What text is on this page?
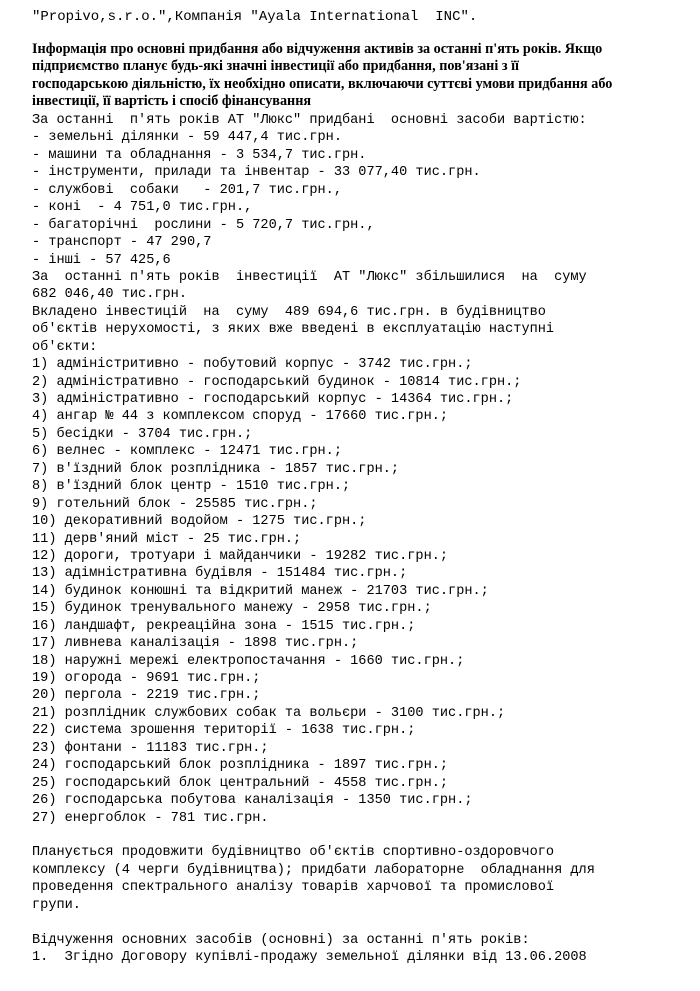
"Propivo,s.r.o.",Компанія "Ayala International  INC".
Інформація про основні придбання або відчуження активів за останні п'ять років. Якщо
підприємство планує будь-які значні інвестиції або придбання, пов'язані з її
господарською діяльністю, їх необхідно описати, включаючи суттєві умови придбання або
інвестиції, її вартість і спосіб фінансування
За останні  п'ять років АТ "Люкс" придбані  основні засоби вартістю:
- земельні ділянки - 59 447,4 тис.грн.
- машини та обладнання - 3 534,7 тис.грн.
- інструменти, прилади та інвентар - 33 077,40 тис.грн.
- службові  собаки   - 201,7 тис.грн.,
- коні  - 4 751,0 тис.грн.,
- багаторічні  рослини - 5 720,7 тис.грн.,
- транспорт - 47 290,7
- інші - 57 425,6
За  останні п'ять років  інвестиції  АТ "Люкс" збільшилися  на  суму
682 046,40 тис.грн.
Вкладено інвестицій  на  суму  489 694,6 тис.грн. в будівництво
об'єктів нерухомості, з яких вже введені в експлуатацію наступні
об'єкти:
1) адміністритивно - побутовий корпус - 3742 тис.грн.;
2) адміністративно - господарський будинок - 10814 тис.грн.;
3) адміністративно - господарський корпус - 14364 тис.грн.;
4) ангар № 44 з комплексом споруд - 17660 тис.грн.;
5) бесідки - 3704 тис.грн.;
6) велнес - комплекс - 12471 тис.грн.;
7) в'їздний блок розплідника - 1857 тис.грн.;
8) в'їздний блок центр - 1510 тис.грн.;
9) готельний блок - 25585 тис.грн.;
10) декоративний водойом - 1275 тис.грн.;
11) дерв'яний міст - 25 тис.грн.;
12) дороги, тротуари і майданчики - 19282 тис.грн.;
13) адімністративна будівля - 151484 тис.грн.;
14) будинок конюшні та відкритий манеж - 21703 тис.грн.;
15) будинок тренувального манежу - 2958 тис.грн.;
16) ландшафт, рекреаційна зона - 1515 тис.грн.;
17) ливнева каналізація - 1898 тис.грн.;
18) наружні мережі електропостачання - 1660 тис.грн.;
19) огорода - 9691 тис.грн.;
20) пергола - 2219 тис.грн.;
21) розплідник службових собак та вольєри - 3100 тис.грн.;
22) система зрошення території - 1638 тис.грн.;
23) фонтани - 11183 тис.грн.;
24) господарський блок розплідника - 1897 тис.грн.;
25) господарський блок центральний - 4558 тис.грн.;
26) господарська побутова каналізація - 1350 тис.грн.;
27) енергоблок - 781 тис.грн.
Планується продовжити будівництво об'єктів спортивно-оздоровчого
комплексу (4 черги будівництва); придбати лабораторне  обладнання для
проведення спектрального аналізу товарів харчової та промислової
групи.
Відчуження основних засобів (основні) за останні п'ять років:
1.  Згідно Договору купівлі-продажу земельної ділянки від 13.06.2008
